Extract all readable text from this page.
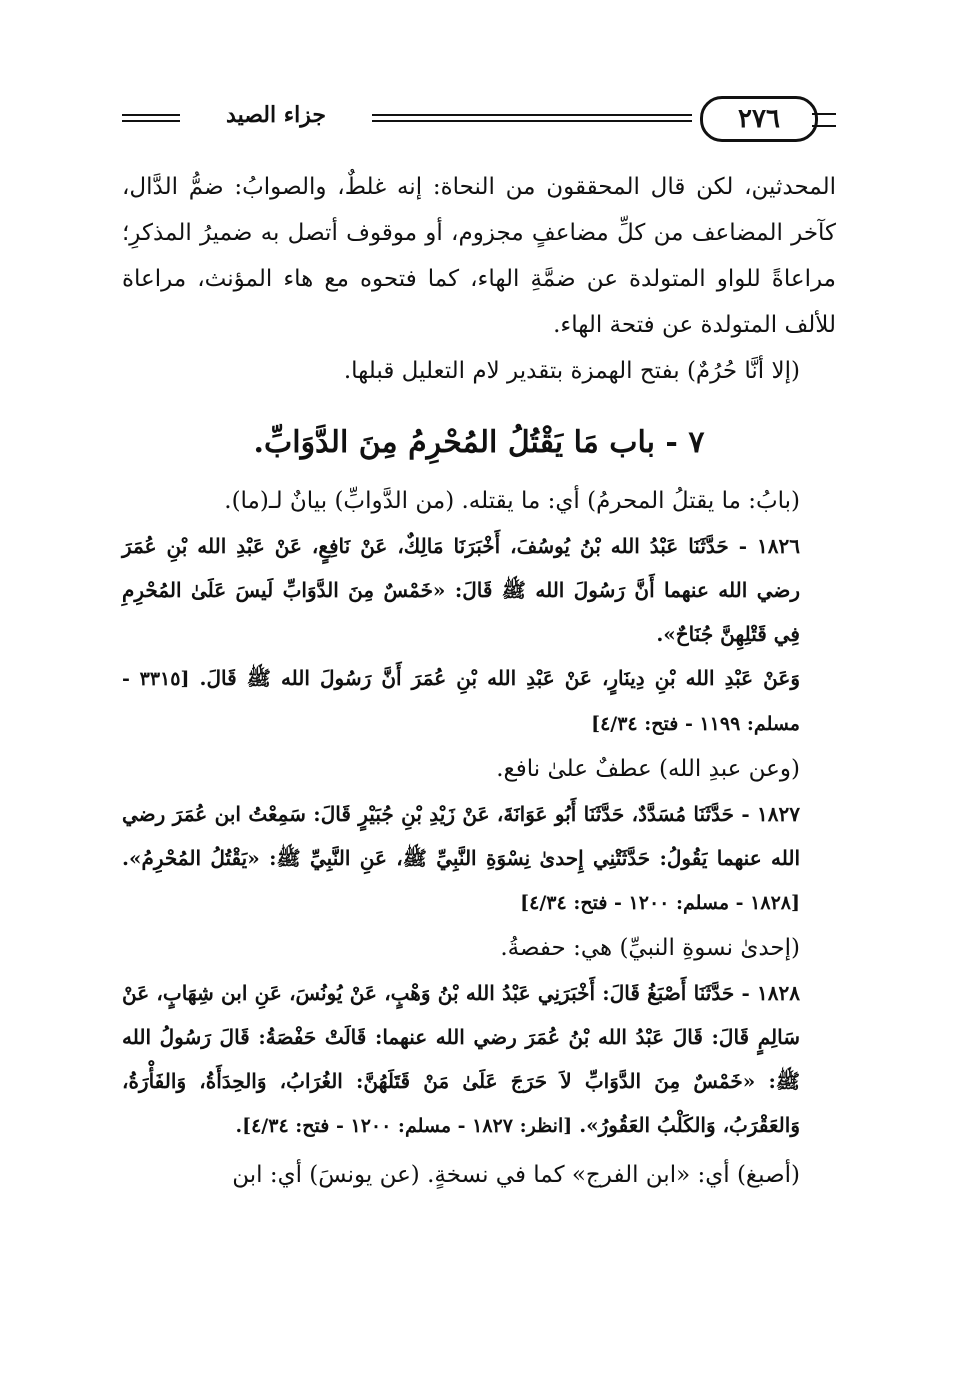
جزاء الصيد	٢٧٦

المحدثين، لكن قال المحققون من النحاة: إنه غلطٌ، والصوابُ: ضمُّ الدَّال، كآخر المضاعف من كلِّ مضاعفٍ مجزوم، أو موقوف أتصل به ضميرُ المذكرِ؛ مراعاةً للواو المتولدة عن ضمَّةِ الهاء، كما فتحوه مع هاء المؤنث، مراعاة للألف المتولدة عن فتحة الهاء.

(إلا أنَّا حُرُمٌ) بفتح الهمزة بتقدير لام التعليل قبلها.

٧ - باب مَا يَقْتُلُ المُحْرِمُ مِنَ الدَّوَابِّ.

(بابُ: ما يقتلُ المحرمُ) أي: ما يقتله. (من الدَّوابِّ) بيانٌ لـ(ما).

١٨٢٦ - حَدَّثَنَا عَبْدُ الله بْنُ يُوسُفَ، أَخْبَرَنَا مَالِكٌ، عَنْ نَافِعٍ، عَنْ عَبْدِ الله بْنِ عُمَرَ رضي الله عنهما أَنَّ رَسُولَ الله ﷺ قَالَ: «خَمْسٌ مِنَ الدَّوَابِّ لَيسَ عَلَىٰ المُحْرِمِ فِي قَتْلِهِنَّ جُنَاحٌ».

وَعَنْ عَبْدِ الله بْنِ دِينَارٍ، عَنْ عَبْدِ الله بْنِ عُمَرَ أَنَّ رَسُولَ الله ﷺ قَالَ. [٣٣١٥ - مسلم: ١١٩٩ - فتح: ٤/٣٤]

(وعن عبدِ الله) عطفٌ علىٰ نافع.

١٨٢٧ - حَدَّثَنَا مُسَدَّدٌ، حَدَّثَنَا أَبُو عَوَانَةَ، عَنْ زَيْدِ بْنِ جُبَيْرٍ قَالَ: سَمِعْتُ ابن عُمَرَ رضي الله عنهما يَقُولُ: حَدَّثَتْنِي إِحدىٰ نِسْوَةِ النَّبِيِّ ﷺ، عَنِ النَّبِيِّ ﷺ: «يَقْتُلُ المُحْرِمُ». [١٨٢٨ - مسلم: ١٢٠٠ - فتح: ٤/٣٤]

(إحدىٰ نسوةِ النبيِّ) هي: حفصةُ.

١٨٢٨ - حَدَّثَنَا أَصْبَغُ قَالَ: أَخْبَرَنِي عَبْدُ الله بْنُ وَهْبٍ، عَنْ يُونُسَ، عَنِ ابن شِهَابٍ، عَنْ سَالِمٍ قَالَ: قَالَ عَبْدُ الله بْنُ عُمَرَ رضي الله عنهما: قَالَتْ حَفْصَةُ: قَالَ رَسُولُ الله ﷺ: «خَمْسٌ مِنَ الدَّوَابِّ لاَ حَرَجَ عَلَىٰ مَنْ قَتَلَهُنَّ: الغُرَابُ، وَالحِدَأَةُ، وَالفَأْرَةُ، وَالعَقْرَبُ، وَالكَلْبُ العَقُورُ». [انظر: ١٨٢٧ - مسلم: ١٢٠٠ - فتح: ٤/٣٤].

(أصبغ) أي: «ابن الفرج» كما في نسخةٍ. (عن يونسَ) أي: ابن
